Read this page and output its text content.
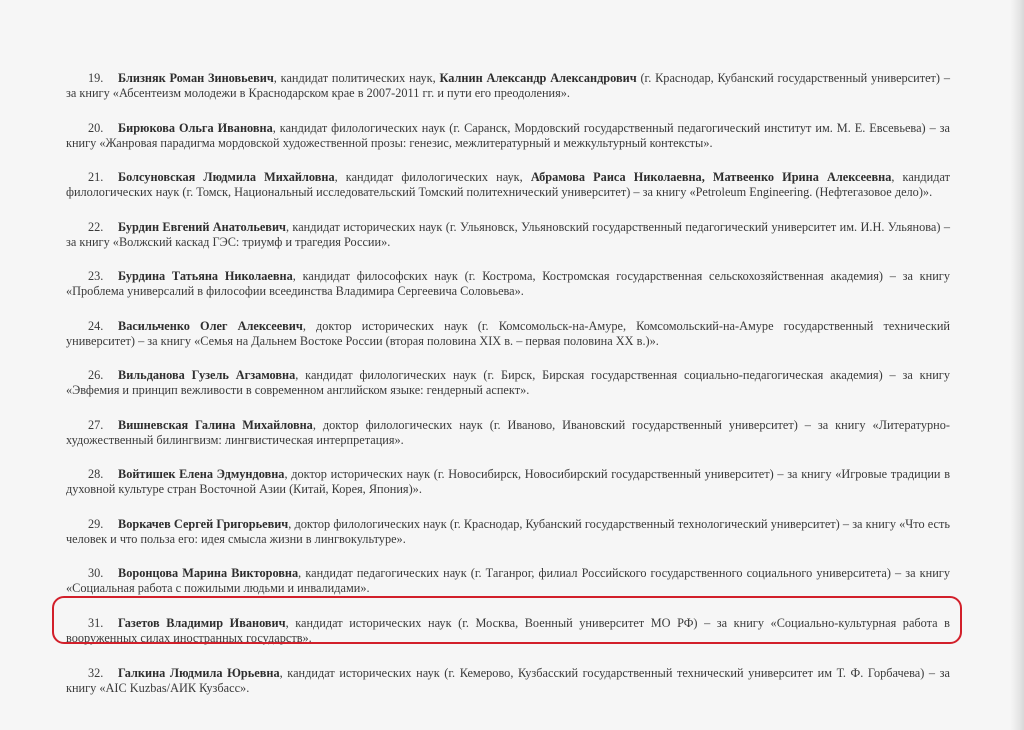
19. Близняк Роман Зиновьевич, кандидат политических наук, Калнин Александр Александрович (г. Краснодар, Кубанский государственный университет) – за книгу «Абсентеизм молодежи в Краснодарском крае в 2007-2011 гг. и пути его преодоления».

20. Бирюкова Ольга Ивановна, кандидат филологических наук (г. Саранск, Мордовский государственный педагогический институт им. М. Е. Евсевьева) – за книгу «Жанровая парадигма мордовской художественной прозы: генезис, межлитературный и межкультурный контексты».

21. Болсуновская Людмила Михайловна, кандидат филологических наук, Абрамова Раиса Николаевна, Матвеенко Ирина Алексеевна, кандидат филологических наук (г. Томск, Национальный исследовательский Томский политехнический университет) – за книгу «Petroleum Engineering. (Нефтегазовое дело)».

22. Бурдин Евгений Анатольевич, кандидат исторических наук (г. Ульяновск, Ульяновский государственный педагогический университет им. И.Н. Ульянова) – за книгу «Волжский каскад ГЭС: триумф и трагедия России».

23. Бурдина Татьяна Николаевна, кандидат философских наук (г. Кострома, Костромская государственная сельскохозяйственная академия) – за книгу «Проблема универсалий в философии всеединства Владимира Сергеевича Соловьева».

24. Васильченко Олег Алексеевич, доктор исторических наук (г. Комсомольск-на-Амуре, Комсомольский-на-Амуре государственный технический университет) – за книгу «Семья на Дальнем Востоке России (вторая половина XIX в. – первая половина XX в.)».

26. Вильданова Гузель Агзамовна, кандидат филологических наук (г. Бирск, Бирская государственная социально-педагогическая академия) – за книгу «Эвфемия и принцип вежливости в современном английском языке: гендерный аспект».

27. Вишневская Галина Михайловна, доктор филологических наук (г. Иваново, Ивановский государственный университет) – за книгу «Литературно-художественный билингвизм: лингвистическая интерпретация».

28. Войтишек Елена Эдмундовна, доктор исторических наук (г. Новосибирск, Новосибирский государственный университет) – за книгу «Игровые традиции в духовной культуре стран Восточной Азии (Китай, Корея, Япония)».

29. Воркачев Сергей Григорьевич, доктор филологических наук (г. Краснодар, Кубанский государственный технологический университет) – за книгу «Что есть человек и что польза его: идея смысла жизни в лингвокультуре».

30. Воронцова Марина Викторовна, кандидат педагогических наук (г. Таганрог, филиал Российского государственного социального университета) – за книгу «Социальная работа с пожилыми людьми и инвалидами».

31. Газетов Владимир Иванович, кандидат исторических наук (г. Москва, Военный университет МО РФ) – за книгу «Социально-культурная работа в вооруженных силах иностранных государств».

32. Галкина Людмила Юрьевна, кандидат исторических наук (г. Кемерово, Кузбасский государственный технический университет им Т. Ф. Горбачева) – за книгу «AIC Kuzbas/АИК Кузбасс».
